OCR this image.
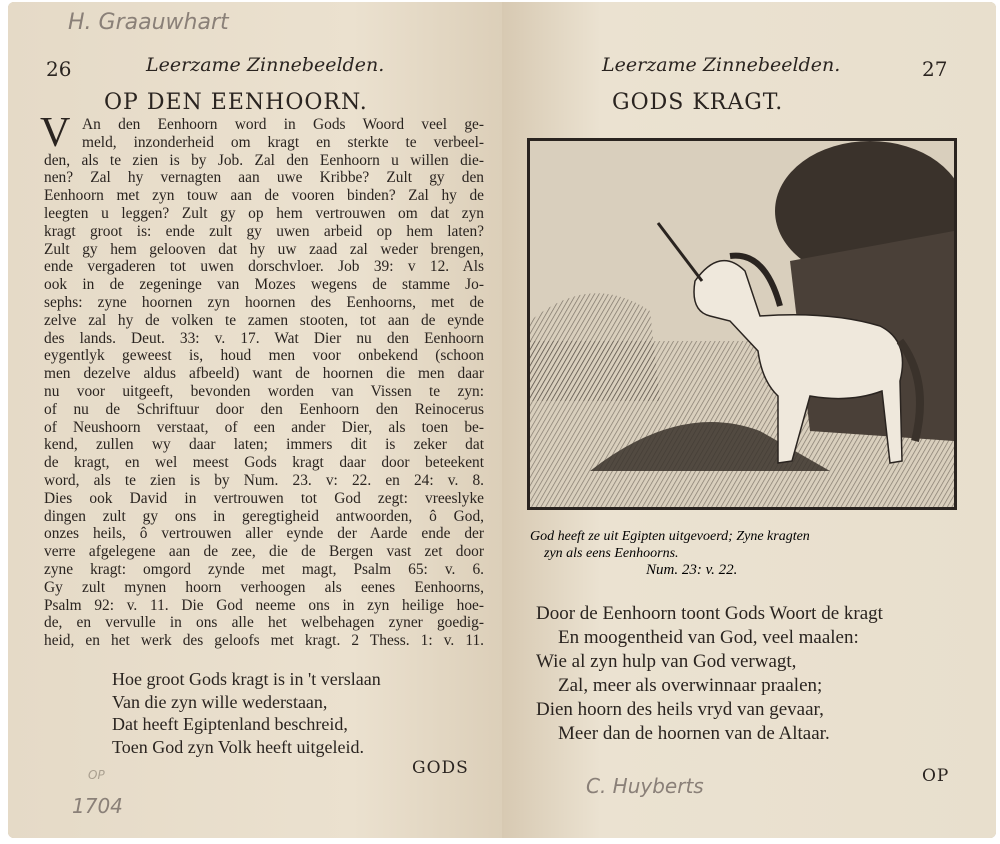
H. Graauwhart
26	Leerzame Zinnebeelden.
OP DEN EENHOORN.
V An den Eenhoorn word in Gods Woord veel ge-
meld, inzonderheid om kragt en sterkte te verbeel-
den, als te zien is by Job. Zal den Eenhoorn u willen die-
nen? Zal hy vernagten aan uwe Kribbe? Zult gy den
Eenhoorn met zyn touw aan de vooren binden? Zal hy de
leegten u leggen? Zult gy op hem vertrouwen om dat zyn
kragt groot is: ende zult gy uwen arbeid op hem laten?
Zult gy hem gelooven dat hy uw zaad zal weder brengen,
ende vergaderen tot uwen dorschvloer. Job 39: v 12. Als
ook in de zegeninge van Mozes wegens de stamme Jo-
sephs: zyne hoornen zyn hoornen des Eenhoorns, met de
zelve zal hy de volken te zamen stooten, tot aan de eynde
des lands. Deut. 33: v. 17. Wat Dier nu den Eenhoorn
eygentlyk geweest is, houd men voor onbekend (schoon
men dezelve aldus afbeeld) want de hoornen die men daar
nu voor uitgeeft, bevonden worden van Vissen te zyn:
of nu de Schriftuur door den Eenhoorn den Reinocerus
of Neushoorn verstaat, of een ander Dier, als toen be-
kend, zullen wy daar laten; immers dit is zeker dat
de kragt, en wel meest Gods kragt daar door beteekent
word, als te zien is by Num. 23. v: 22. en 24: v. 8.
Dies ook David in vertrouwen tot God zegt: vreeslyke
dingen zult gy ons in geregtigheid antwoorden, ô God,
onzes heils, ô vertrouwen aller eynde der Aarde ende der
verre afgelegene aan de zee, die de Bergen vast zet door
zyne kragt: omgord zynde met magt, Psalm 65: v. 6.
Gy zult mynen hoorn verhoogen als eenes Eenhoorns,
Psalm 92: v. 11. Die God neeme ons in zyn heilige hoe-
de, en vervulle in ons alle het welbehagen zyner goedig-
heid, en het werk des geloofs met kragt. 2 Thess. 1: v. 11.
Hoe groot Gods kragt is in 't verslaan
Van die zyn wille wederstaan,
Dat heeft Egiptenland beschreid,
Toen God zyn Volk heeft uitgeleid.
GODS
1704
OP
Leerzame Zinnebeelden.	27
GODS KRAGT.
Door de Eenhoorn toont Gods Woort de kragt
En moogentheid van God, veel maalen:
Wie al zyn hulp van God verwagt,
Zal, meer als overwinnaar praalen;
Dien hoorn des heils vryd van gevaar,
Meer dan de hoornen van de Altaar.
OP
C. Huyberts
God heeft ze uit Egipten uitgevoerd; Zyne kragten
zyn als eens Eenhoorns.
Num. 23: v. 22.
